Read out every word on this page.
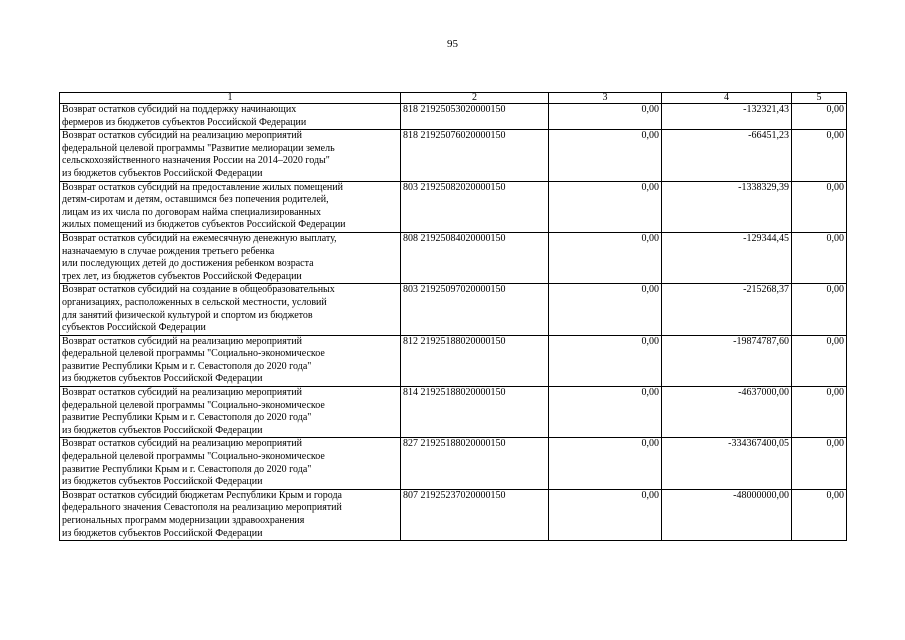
95
1	2	3	4	5
Возврат остатков субсидий на поддержку начинающих
фермеров из бюджетов субъектов Российской Федерации	818 21925053020000150	0,00	-132321,43	0,00
Возврат остатков субсидий на реализацию мероприятий
федеральной целевой программы "Развитие мелиорации земель
сельскохозяйственного назначения России на 2014–2020 годы"
из бюджетов субъектов Российской Федерации	818 21925076020000150	0,00	-66451,23	0,00
Возврат остатков субсидий на предоставление жилых помещений
детям-сиротам и детям, оставшимся без попечения родителей,
лицам из их числа по договорам найма специализированных
жилых помещений из бюджетов субъектов Российской Федерации	803 21925082020000150	0,00	-1338329,39	0,00
Возврат остатков субсидий на ежемесячную денежную выплату,
назначаемую в случае рождения третьего ребенка
или последующих детей до достижения ребенком возраста
трех лет, из бюджетов субъектов Российской Федерации	808 21925084020000150	0,00	-129344,45	0,00
Возврат остатков субсидий на создание в общеобразовательных
организациях, расположенных в сельской местности, условий
для занятий физической культурой и спортом из бюджетов
субъектов Российской Федерации	803 21925097020000150	0,00	-215268,37	0,00
Возврат остатков субсидий на реализацию мероприятий
федеральной целевой программы "Социально-экономическое
развитие Республики Крым и г. Севастополя до 2020 года"
из бюджетов субъектов Российской Федерации	812 21925188020000150	0,00	-19874787,60	0,00
Возврат остатков субсидий на реализацию мероприятий
федеральной целевой программы "Социально-экономическое
развитие Республики Крым и г. Севастополя до 2020 года"
из бюджетов субъектов Российской Федерации	814 21925188020000150	0,00	-4637000,00	0,00
Возврат остатков субсидий на реализацию мероприятий
федеральной целевой программы "Социально-экономическое
развитие Республики Крым и г. Севастополя до 2020 года"
из бюджетов субъектов Российской Федерации	827 21925188020000150	0,00	-334367400,05	0,00
Возврат остатков субсидий бюджетам Республики Крым и города
федерального значения Севастополя на реализацию мероприятий
региональных программ модернизации здравоохранения
из бюджетов субъектов Российской Федерации	807 21925237020000150	0,00	-48000000,00	0,00
